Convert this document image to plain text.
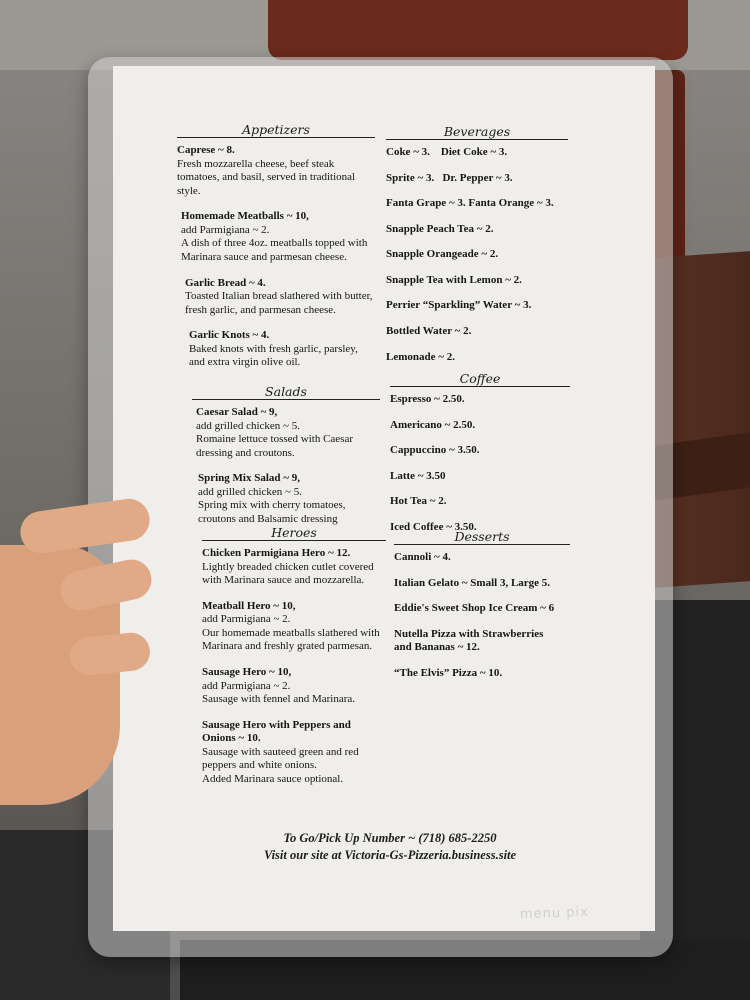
Appetizers
Caprese ~ 8.
Fresh mozzarella cheese, beef steak tomatoes, and basil, served in traditional style.
Homemade Meatballs ~ 10,
add Parmigiana ~ 2.
A dish of three 4oz. meatballs topped with Marinara sauce and parmesan cheese.
Garlic Bread ~ 4.
Toasted Italian bread slathered with butter, fresh garlic, and parmesan cheese.
Garlic Knots ~ 4.
Baked knots with fresh garlic, parsley, and extra virgin olive oil.
Salads
Caesar Salad ~ 9,
add grilled chicken ~ 5.
Romaine lettuce tossed with Caesar dressing and croutons.
Spring Mix Salad ~ 9,
add grilled chicken ~ 5.
Spring mix with cherry tomatoes, croutons and Balsamic dressing
Heroes
Chicken Parmigiana Hero ~ 12.
Lightly breaded chicken cutlet covered with Marinara sauce and mozzarella.
Meatball Hero ~ 10,
add Parmigiana ~ 2.
Our homemade meatballs slathered with Marinara and freshly grated parmesan.
Sausage Hero ~ 10,
add Parmigiana ~ 2.
Sausage with fennel and Marinara.
Sausage Hero with Peppers and Onions ~ 10.
Sausage with sauteed green and red peppers and white onions.
Added Marinara sauce optional.
Beverages
Coke ~ 3.    Diet Coke ~ 3.
Sprite ~ 3.   Dr. Pepper ~ 3.
Fanta Grape ~ 3. Fanta Orange ~ 3.
Snapple Peach Tea ~ 2.
Snapple Orangeade ~ 2.
Snapple Tea with Lemon ~ 2.
Perrier “Sparkling” Water ~ 3.
Bottled Water ~ 2.
Lemonade ~ 2.
Coffee
Espresso ~ 2.50.
Americano ~ 2.50.
Cappuccino ~ 3.50.
Latte ~ 3.50
Hot Tea ~ 2.
Iced Coffee ~ 3.50.
Desserts
Cannoli ~ 4.
Italian Gelato ~ Small 3, Large 5.
Eddie's Sweet Shop Ice Cream ~ 6
Nutella Pizza with Strawberries and Bananas ~ 12.
“The Elvis” Pizza ~ 10.
To Go/Pick Up Number ~ (718) 685-2250
Visit our site at Victoria-Gs-Pizzeria.business.site
menu pix
